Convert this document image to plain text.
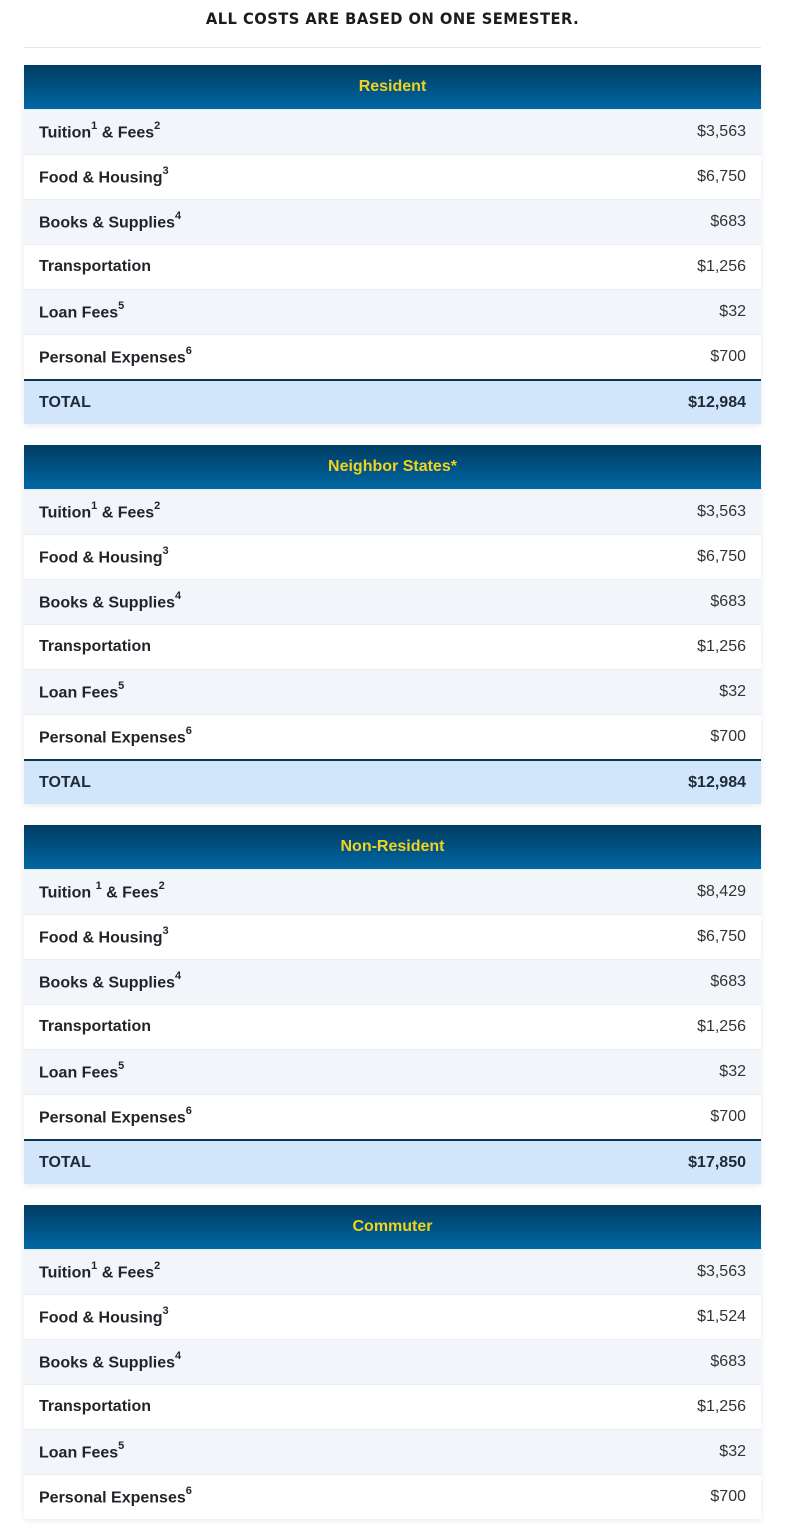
ALL COSTS ARE BASED ON ONE SEMESTER.
Resident
Tuition$^1$ & Fees$^2$	$3,563
Food & Housing$^3$	$6,750
Books & Supplies$^4$	$683
Transportation	$1,256
Loan Fees$^5$	$32
Personal Expenses$^6$	$700
TOTAL	$12,984
Neighbor States*
Tuition$^1$ & Fees$^2$	$3,563
Food & Housing$^3$	$6,750
Books & Supplies$^4$	$683
Transportation	$1,256
Loan Fees$^5$	$32
Personal Expenses$^6$	$700
TOTAL	$12,984
Non-Resident
Tuition $^1$ & Fees$^2$	$8,429
Food & Housing$^3$	$6,750
Books & Supplies$^4$	$683
Transportation	$1,256
Loan Fees$^5$	$32
Personal Expenses$^6$	$700
TOTAL	$17,850
Commuter
Tuition$^1$ & Fees$^2$	$3,563
Food & Housing$^3$	$1,524
Books & Supplies$^4$	$683
Transportation	$1,256
Loan Fees$^5$	$32
Personal Expenses$^6$	$700
